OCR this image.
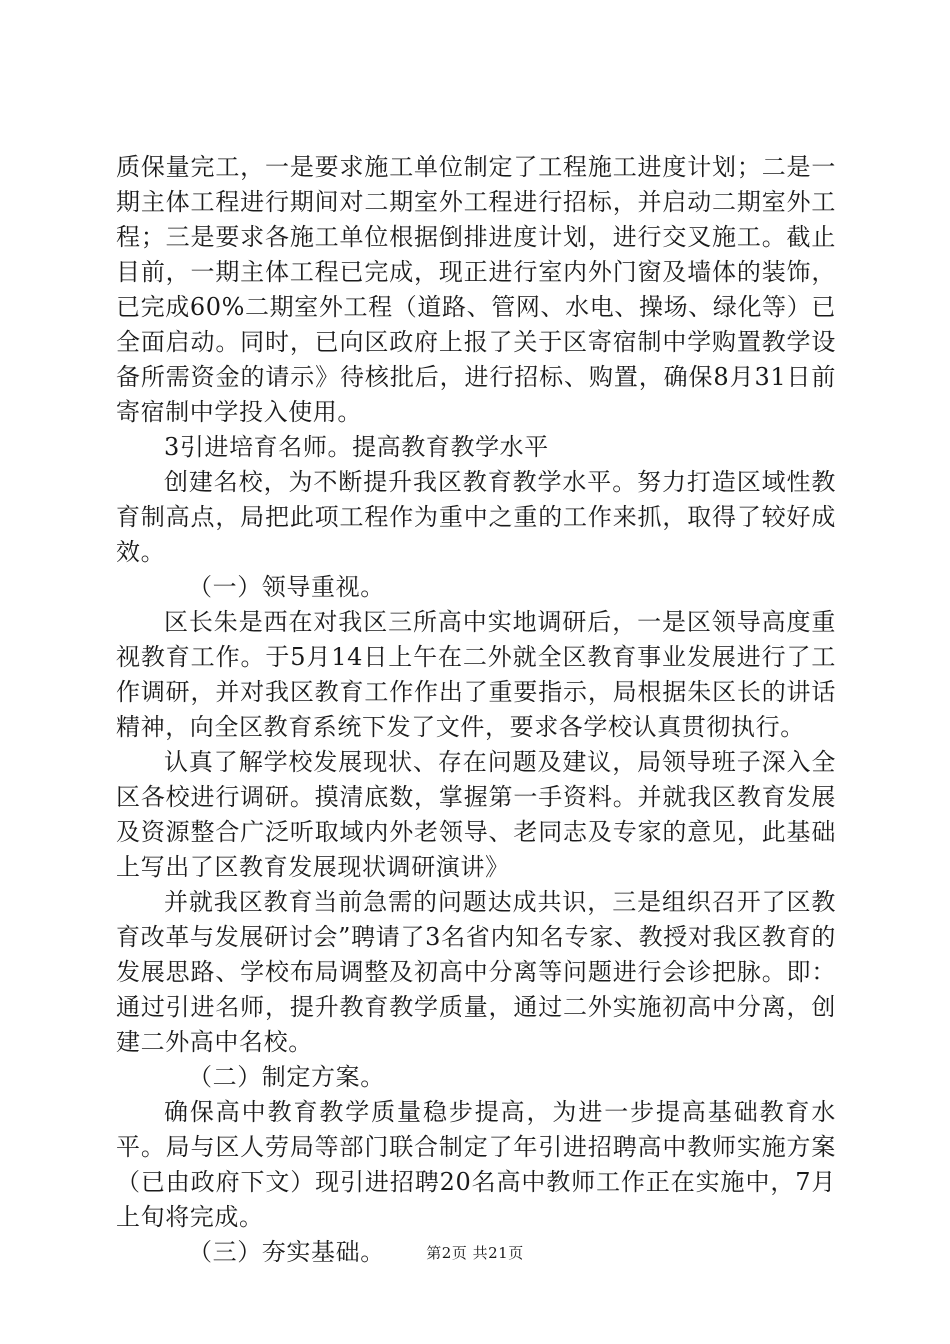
质保量完工，一是要求施工单位制定了工程施工进度计划；二是一期主体工程进行期间对二期室外工程进行招标，并启动二期室外工程；三是要求各施工单位根据倒排进度计划，进行交叉施工。截止目前，一期主体工程已完成，现正进行室内外门窗及墙体的装饰，已完成60%二期室外工程（道路、管网、水电、操场、绿化等）已全面启动。同时，已向区政府上报了关于区寄宿制中学购置教学设备所需资金的请示》待核批后，进行招标、购置，确保8月31日前寄宿制中学投入使用。

3引进培育名师。提高教育教学水平

创建名校，为不断提升我区教育教学水平。努力打造区域性教育制高点，局把此项工程作为重中之重的工作来抓，取得了较好成效。

（一）领导重视。

区长朱是西在对我区三所高中实地调研后，一是区领导高度重视教育工作。于5月14日上午在二外就全区教育事业发展进行了工作调研，并对我区教育工作作出了重要指示，局根据朱区长的讲话精神，向全区教育系统下发了文件，要求各学校认真贯彻执行。

认真了解学校发展现状、存在问题及建议，局领导班子深入全区各校进行调研。摸清底数，掌握第一手资料。并就我区教育发展及资源整合广泛听取域内外老领导、老同志及专家的意见，此基础上写出了区教育发展现状调研演讲》

并就我区教育当前急需的问题达成共识，三是组织召开了区教育改革与发展研讨会”聘请了3名省内知名专家、教授对我区教育的发展思路、学校布局调整及初高中分离等问题进行会诊把脉。即：通过引进名师，提升教育教学质量，通过二外实施初高中分离，创建二外高中名校。

（二）制定方案。

确保高中教育教学质量稳步提高，为进一步提高基础教育水平。局与区人劳局等部门联合制定了年引进招聘高中教师实施方案（已由政府下文）现引进招聘20名高中教师工作正在实施中，7月上旬将完成。

（三）夯实基础。	第2页 共21页
